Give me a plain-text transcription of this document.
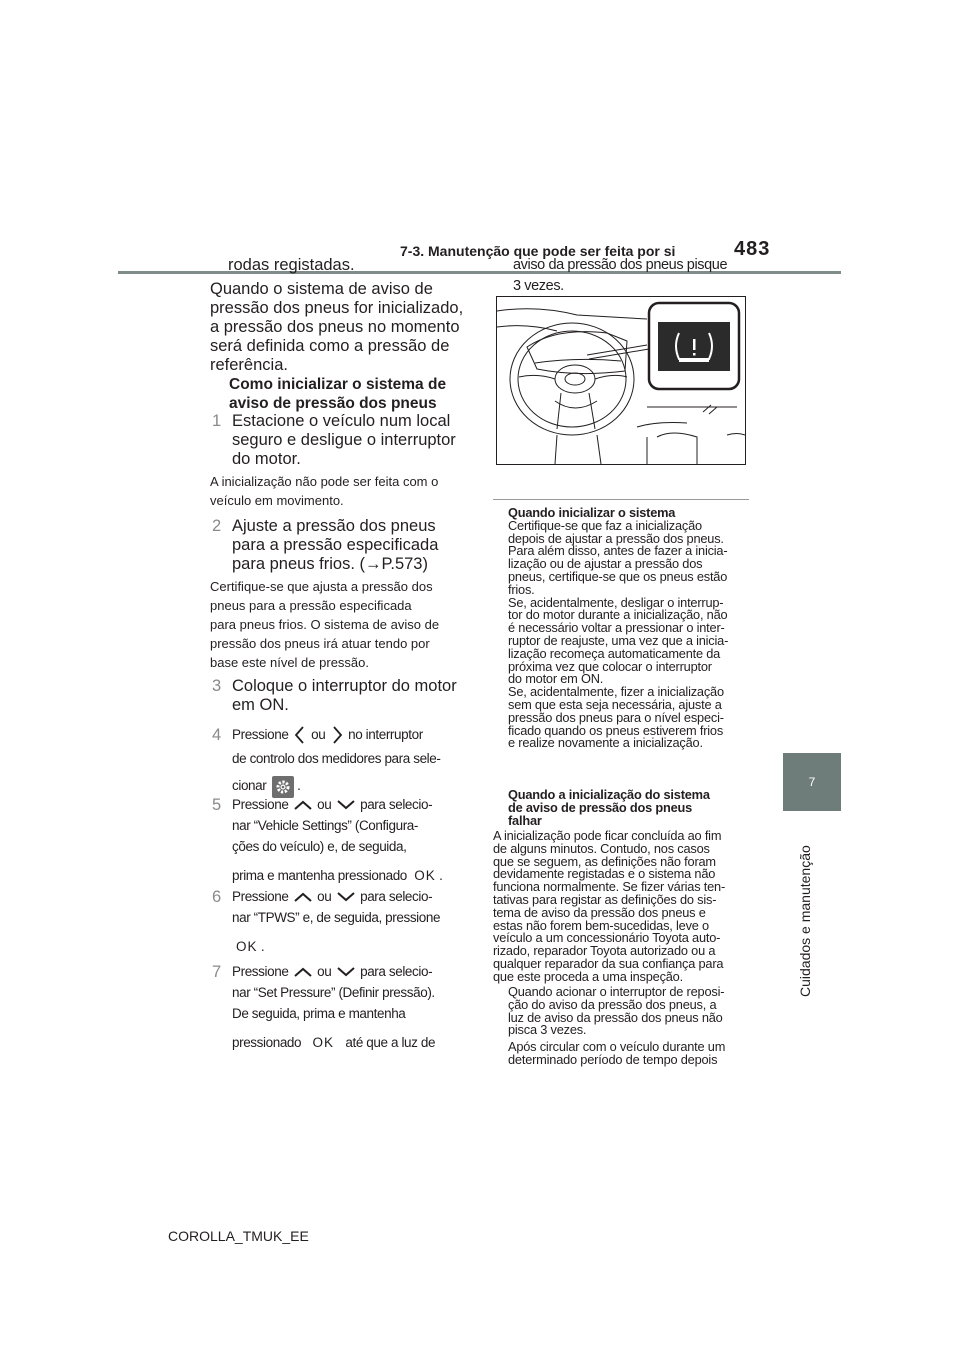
7-3. Manutenção que pode ser feita por si	483
7
Cuidados e manutenção
rodas registadas.
Quando o sistema de aviso de
pressão dos pneus for inicializado,
a pressão dos pneus no momento
será definida como a pressão de
referência.
Como inicializar o sistema de
aviso de pressão dos pneus
1 Estacione o veículo num local
seguro e desligue o interruptor
do motor.
A inicialização não pode ser feita com o
veículo em movimento.
2 Ajuste a pressão dos pneus
para a pressão especificada
para pneus frios. (→P.573)
Certifique-se que ajusta a pressão dos
pneus para a pressão especificada
para pneus frios. O sistema de aviso de
pressão dos pneus irá atuar tendo por
base este nível de pressão.
3 Coloque o interruptor do motor
em ON.
4 Pressione ou no interruptor
de controlo dos medidores para sele-
cionar .
5 Pressione ou para selecio-
nar “Vehicle Settings” (Configura-
ções do veículo) e, de seguida,
prima e mantenha pressionado OK .
6 Pressione ou para selecio-
nar “TPWS” e, de seguida, pressione
OK .
7 Pressione ou para selecio-
nar “Set Pressure” (Definir pressão).
De seguida, prima e mantenha
pressionado OK até que a luz de
aviso da pressão dos pneus pisque
3 vezes.
Quando inicializar o sistema
Certifique-se que faz a inicialização
depois de ajustar a pressão dos pneus.
Para além disso, antes de fazer a inicia-
lização ou de ajustar a pressão dos
pneus, certifique-se que os pneus estão
frios.
Se, acidentalmente, desligar o interrup-
tor do motor durante a inicialização, não
é necessário voltar a pressionar o inter-
ruptor de reajuste, uma vez que a inicia-
lização recomeça automaticamente da
próxima vez que colocar o interruptor
do motor em ON.
Se, acidentalmente, fizer a inicialização
sem que esta seja necessária, ajuste a
pressão dos pneus para o nível especi-
ficado quando os pneus estiverem frios
e realize novamente a inicialização.
Quando a inicialização do sistema
de aviso de pressão dos pneus
falhar
A inicialização pode ficar concluída ao fim
de alguns minutos. Contudo, nos casos
que se seguem, as definições não foram
devidamente registadas e o sistema não
funciona normalmente. Se fizer várias ten-
tativas para registar as definições do sis-
tema de aviso da pressão dos pneus e
estas não forem bem-sucedidas, leve o
veículo a um concessionário Toyota auto-
rizado, reparador Toyota autorizado ou a
qualquer reparador da sua confiança para
que este proceda a uma inspeção.
Quando acionar o interruptor de reposi-
ção do aviso da pressão dos pneus, a
luz de aviso da pressão dos pneus não
pisca 3 vezes.
Após circular com o veículo durante um
determinado período de tempo depois
COROLLA_TMUK_EE
